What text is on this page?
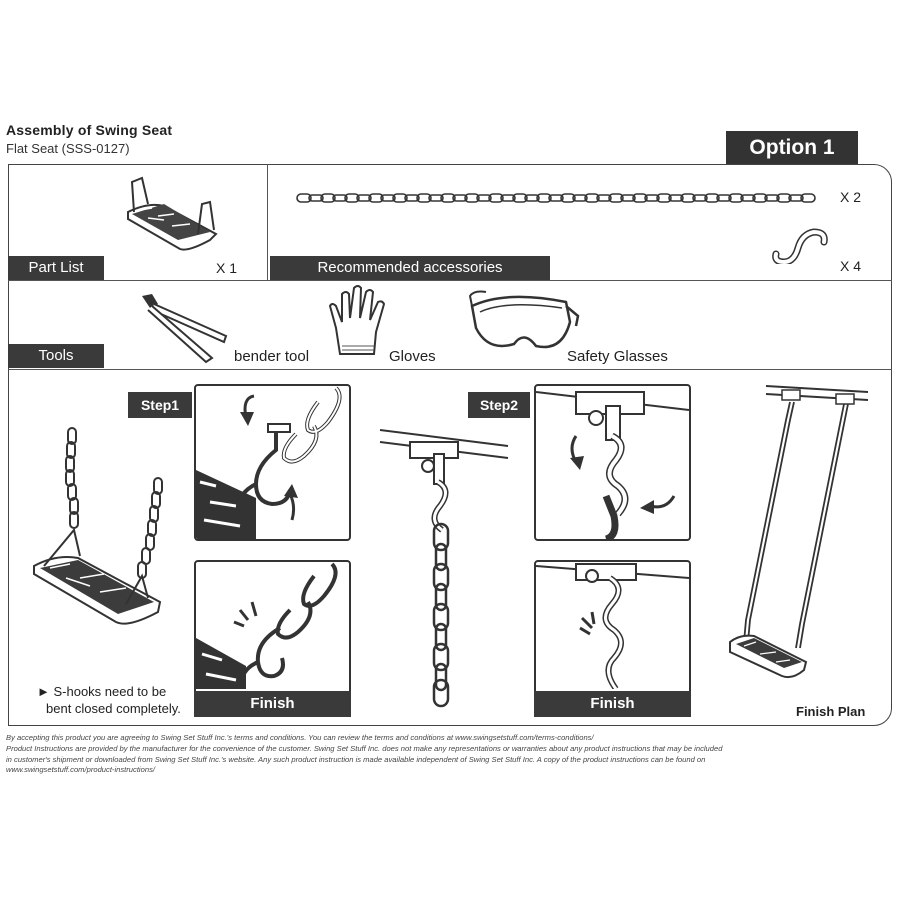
Assembly of Swing Seat
Flat Seat (SSS-0127)	Option 1
Part List	X 1
X 2
X 4
Recommended accessories
Tools	bender tool	Gloves	Safety Glasses
► S-hooks need to be
bent closed completely.
Step1
Finish
Step2
Finish	Finish Plan
By accepting this product you are agreeing to Swing Set Stuff Inc.'s terms and conditions. You can review the terms and conditions at www.swingsetstuff.com/terms-conditions/
Product Instructions are provided by the manufacturer for the convenience of the customer. Swing Set Stuff Inc. does not make any representations or warranties about any product instructions that may be included
in customer's shipment or downloaded from Swing Set Stuff Inc.'s website. Any such product instruction is made available independent of Swing Set Stuff Inc. A copy of the product instructions can be found on
www.swingsetstuff.com/product-instructions/
